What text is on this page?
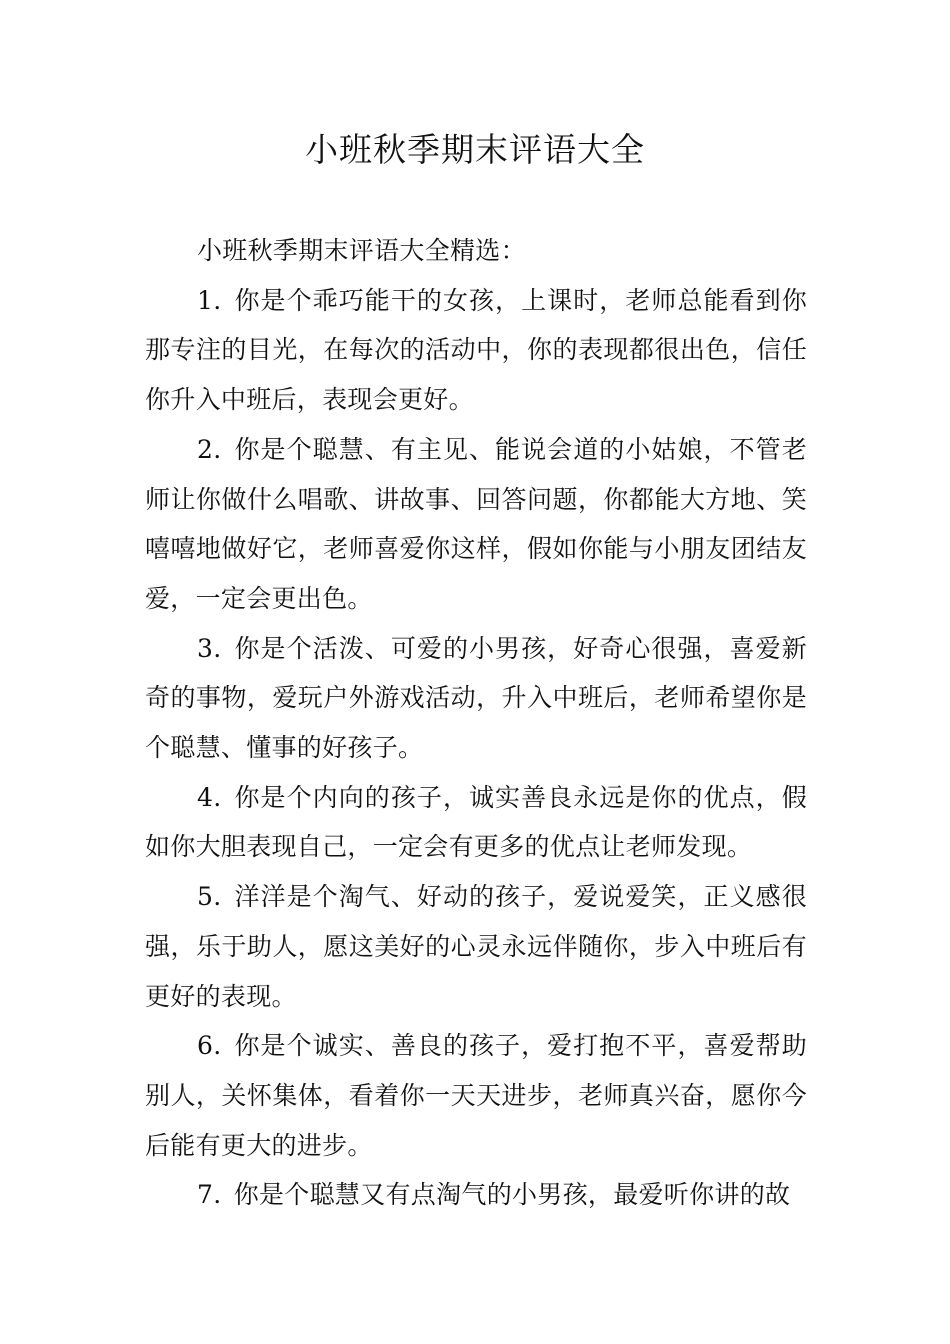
小班秋季期末评语大全

小班秋季期末评语大全精选：

1. 你是个乖巧能干的女孩，上课时，老师总能看到你那专注的目光，在每次的活动中，你的表现都很出色，信任你升入中班后，表现会更好。

2. 你是个聪慧、有主见、能说会道的小姑娘，不管老师让你做什么唱歌、讲故事、回答问题，你都能大方地、笑嘻嘻地做好它，老师喜爱你这样，假如你能与小朋友团结友爱，一定会更出色。

3. 你是个活泼、可爱的小男孩，好奇心很强，喜爱新奇的事物，爱玩户外游戏活动，升入中班后，老师希望你是个聪慧、懂事的好孩子。

4. 你是个内向的孩子，诚实善良永远是你的优点，假如你大胆表现自己，一定会有更多的优点让老师发现。

5. 洋洋是个淘气、好动的孩子，爱说爱笑，正义感很强，乐于助人，愿这美好的心灵永远伴随你，步入中班后有更好的表现。

6. 你是个诚实、善良的孩子，爱打抱不平，喜爱帮助别人，关怀集体，看着你一天天进步，老师真兴奋，愿你今后能有更大的进步。

7. 你是个聪慧又有点淘气的小男孩，最爱听你讲的故
